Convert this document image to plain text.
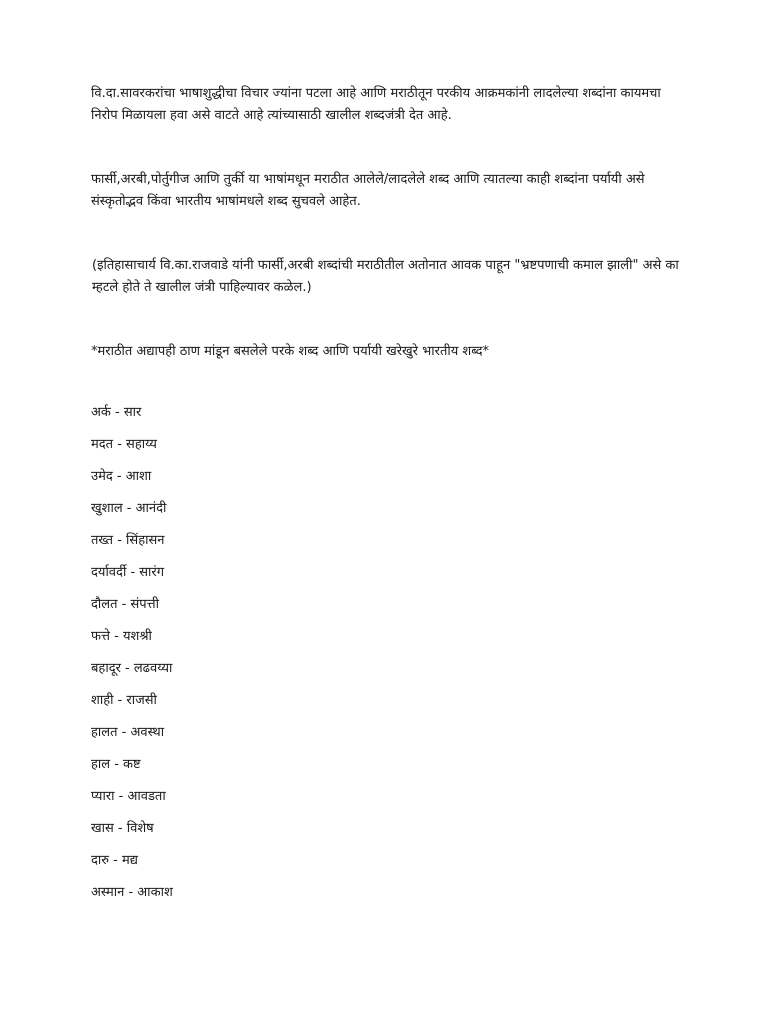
वि.दा.सावरकरांचा भाषाशुद्धीचा विचार ज्यांना पटला आहे आणि मराठीतून परकीय आक्रमकांनी लादलेल्या शब्दांना कायमचा निरोप मिळायला हवा असे वाटते आहे त्यांच्यासाठी खालील शब्दजंत्री देत आहे.

फार्सी,अरबी,पोर्तुगीज आणि तुर्की या भाषांमधून मराठीत आलेले/लादलेले शब्द आणि त्यातल्या काही शब्दांना पर्यायी असे संस्कृतोद्भव किंवा भारतीय भाषांमधले शब्द सुचवले आहेत.

(इतिहासाचार्य वि.का.राजवाडे यांनी फार्सी,अरबी शब्दांची मराठीतील अतोनात आवक पाहून "भ्रष्टपणाची कमाल झाली" असे का म्हटले होते ते खालील जंत्री पाहिल्यावर कळेल.)

*मराठीत अद्यापही ठाण मांडून बसलेले परके शब्द आणि पर्यायी खरेखुरे भारतीय शब्द*

अर्क - सार
मदत - सहाय्य
उमेद - आशा
खुशाल - आनंदी
तख्त - सिंहासन
दर्यावर्दी - सारंग
दौलत - संपत्ती
फत्ते - यशश्री
बहादूर - लढवय्या
शाही - राजसी
हालत - अवस्था
हाल - कष्ट
प्यारा - आवडता
खास - विशेष
दारु - मद्य
अस्मान - आकाश
